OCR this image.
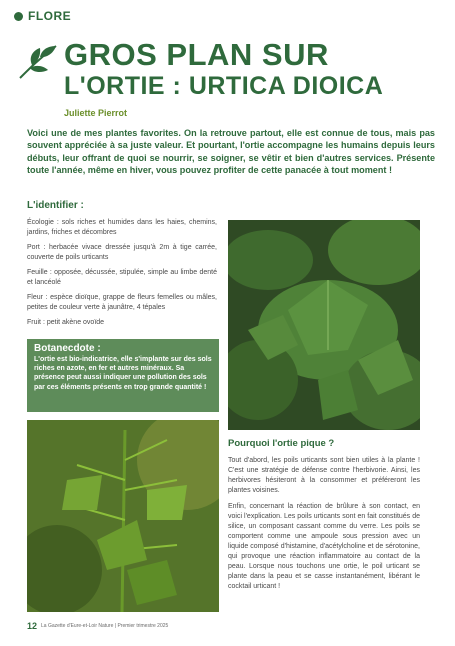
FLORE
GROS PLAN SUR
L'ORTIE : URTICA DIOICA
Juliette Pierrot
Voici une de mes plantes favorites. On la retrouve partout, elle est connue de tous, mais pas souvent appréciée à sa juste valeur. Et pourtant, l'ortie accompagne les humains depuis leurs débuts, leur offrant de quoi se nourrir, se soigner, se vêtir et bien d'autres services. Présente toute l'année, même en hiver, vous pouvez profiter de cette panacée à tout moment !
L'identifier :
Écologie : sols riches et humides dans les haies, chemins, jardins, friches et décombres
Port : herbacée vivace dressée jusqu'à 2m à tige carrée, couverte de poils urticants
Feuille : opposée, décussée, stipulée, simple au limbe denté et lancéolé
Fleur : espèce dioïque, grappe de fleurs femelles ou mâles, petites de couleur verte à jaunâtre, 4 tépales
Fruit : petit akène ovoïde
Botanecdote :
L'ortie est bio-indicatrice, elle s'implante sur des sols riches en azote, en fer et autres minéraux. Sa présence peut aussi indiquer une pollution des sols par ces éléments présents en trop grande quantité !
Pourquoi l'ortie pique ?

Tout d'abord, les poils urticants sont bien utiles à la plante ! C'est une stratégie de défense contre l'herbivorie. Ainsi, les herbivores hésiteront à la consommer et préféreront les plantes voisines.

Enfin, concernant la réaction de brûlure à son contact, en voici l'explication. Les poils urticants sont en fait constitués de silice, un composant cassant comme du verre. Les poils se comportent comme une ampoule sous pression avec un liquide composé d'histamine, d'acétylcholine et de sérotonine, qui provoque une réaction inflammatoire au contact de la peau. Lorsque nous touchons une ortie, le poil urticant se plante dans la peau et se casse instantanément, libérant le cocktail urticant !

12 La Gazette d'Eure-et-Loir Nature | Premier trimestre 2025
